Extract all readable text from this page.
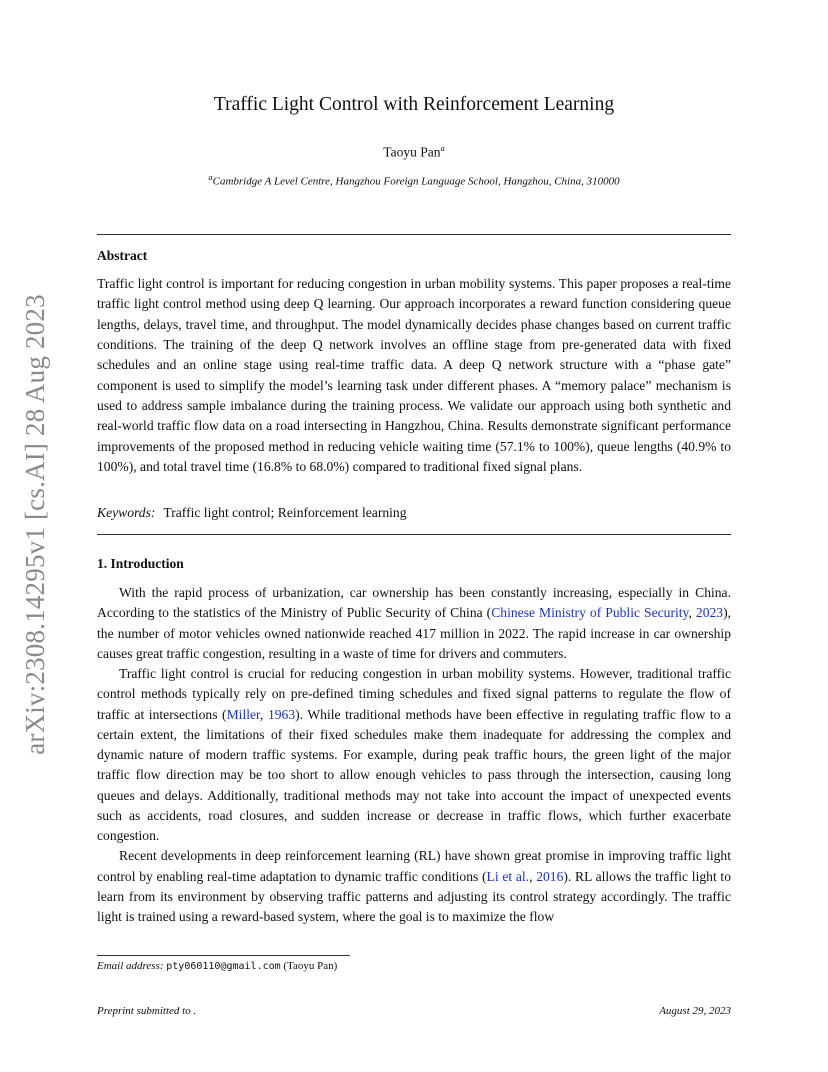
arXiv:2308.14295v1 [cs.AI] 28 Aug 2023
Traffic Light Control with Reinforcement Learning
Taoyu Pan$^a$
$^a$Cambridge A Level Centre, Hangzhou Foreign Language School, Hangzhou, China, 310000
Abstract

Traffic light control is important for reducing congestion in urban mobility systems. This paper proposes a real-time traffic light control method using deep Q learning. Our approach incorporates a reward function considering queue lengths, delays, travel time, and throughput. The model dynamically decides phase changes based on current traffic conditions. The training of the deep Q network involves an offline stage from pre-generated data with fixed schedules and an online stage using real-time traffic data. A deep Q network structure with a “phase gate” component is used to simplify the model’s learning task under different phases. A “memory palace” mechanism is used to address sample imbalance during the training process. We validate our approach using both synthetic and real-world traffic flow data on a road intersecting in Hangzhou, China. Results demonstrate significant performance improvements of the proposed method in reducing vehicle waiting time (57.1% to 100%), queue lengths (40.9% to 100%), and total travel time (16.8% to 68.0%) compared to traditional fixed signal plans.

Keywords: Traffic light control; Reinforcement learning
1. Introduction

With the rapid process of urbanization, car ownership has been constantly increasing, especially in China. According to the statistics of the Ministry of Public Security of China (Chinese Ministry of Public Security, 2023), the number of motor vehicles owned nationwide reached 417 million in 2022. The rapid increase in car ownership causes great traffic congestion, resulting in a waste of time for drivers and commuters.

Traffic light control is crucial for reducing congestion in urban mobility systems. However, traditional traffic control methods typically rely on pre-defined timing schedules and fixed signal patterns to regulate the flow of traffic at intersections (Miller, 1963). While traditional methods have been effective in regulating traffic flow to a certain extent, the limitations of their fixed schedules make them inadequate for addressing the complex and dynamic nature of modern traffic systems. For example, during peak traffic hours, the green light of the major traffic flow direction may be too short to allow enough vehicles to pass through the intersection, causing long queues and delays. Additionally, traditional methods may not take into account the impact of unexpected events such as accidents, road closures, and sudden increase or decrease in traffic flows, which further exacerbate congestion.

Recent developments in deep reinforcement learning (RL) have shown great promise in improving traffic light control by enabling real-time adaptation to dynamic traffic conditions (Li et al., 2016). RL allows the traffic light to learn from its environment by observing traffic patterns and adjusting its control strategy accordingly. The traffic light is trained using a reward-based system, where the goal is to maximize the flow

Email address: pty060110@gmail.com (Taoyu Pan)
Preprint submitted to .	August 29, 2023
